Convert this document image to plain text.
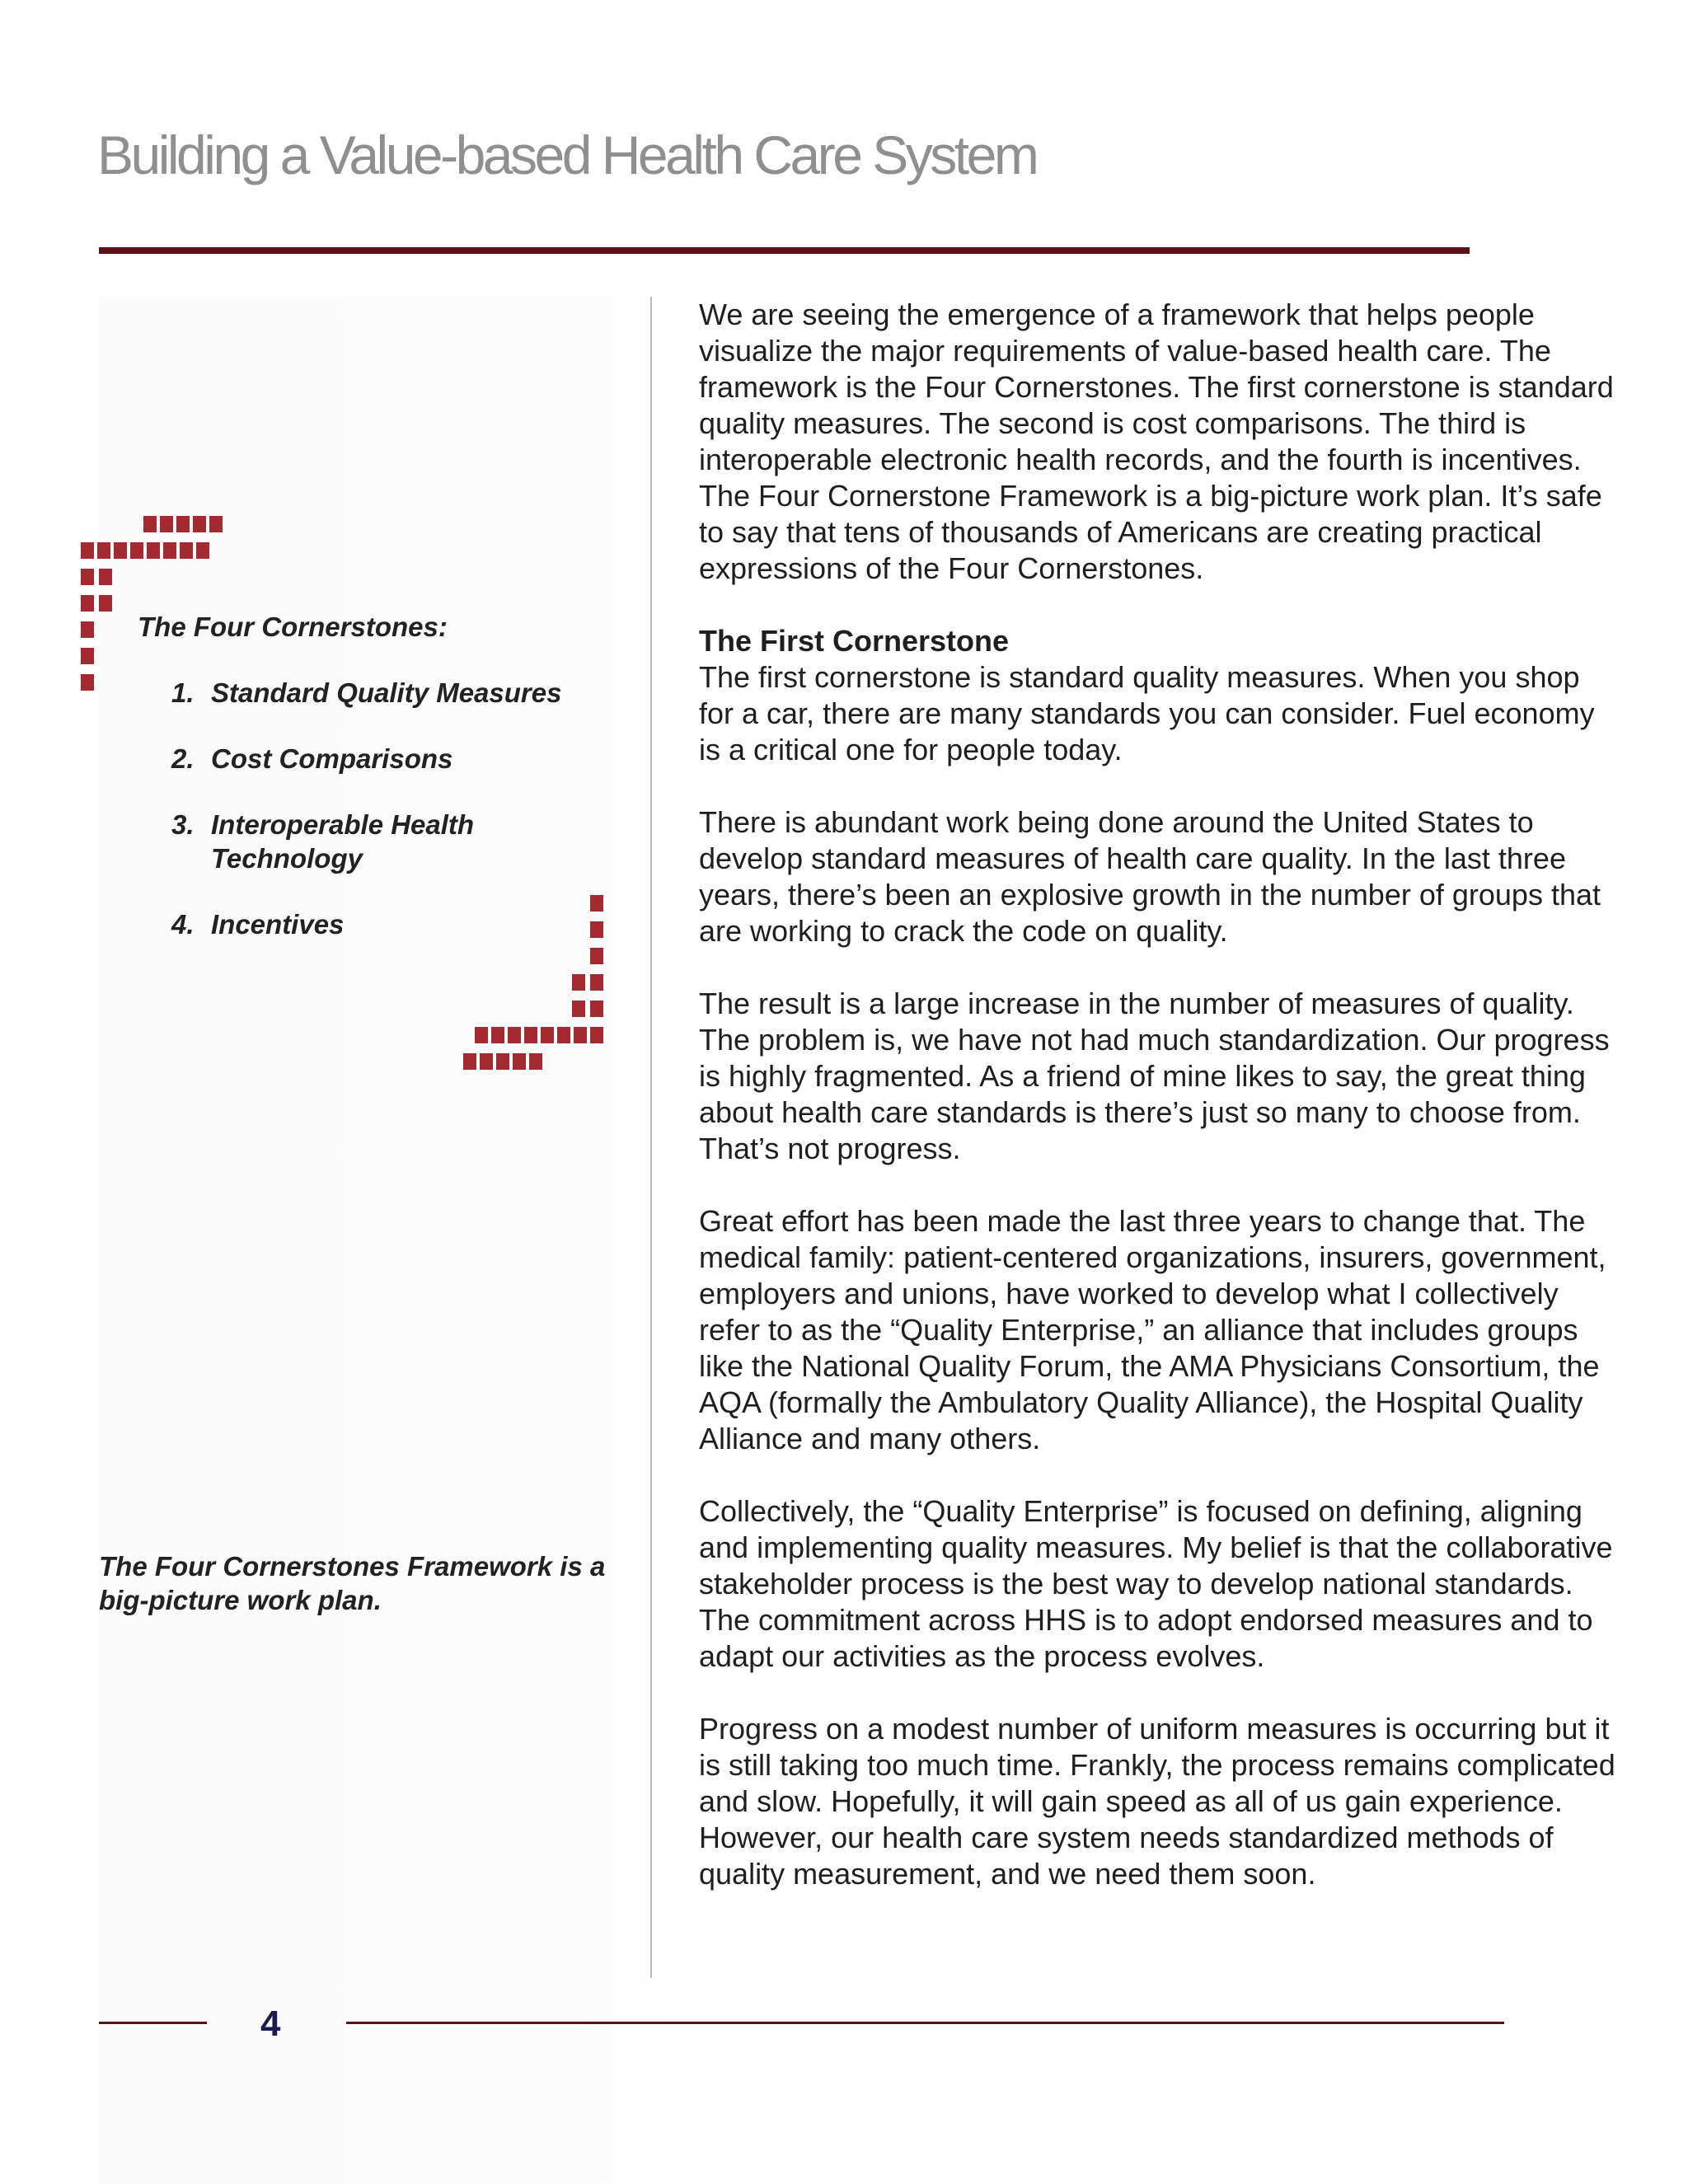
Building a Value-based Health Care System
The Four Cornerstones:
1. Standard Quality Measures
2. Cost Comparisons
3. Interoperable Health Technology
4. Incentives
The Four Cornerstones Framework is a big-picture work plan.

We are seeing the emergence of a framework that helps people visualize the major requirements of value-based health care. The framework is the Four Cornerstones. The first cornerstone is standard quality measures. The second is cost comparisons. The third is interoperable electronic health records, and the fourth is incentives. The Four Cornerstone Framework is a big-picture work plan. It’s safe to say that tens of thousands of Americans are creating practical expressions of the Four Cornerstones.

The First Cornerstone

The first cornerstone is standard quality measures. When you shop for a car, there are many standards you can consider. Fuel economy is a critical one for people today.

There is abundant work being done around the United States to develop standard measures of health care quality. In the last three years, there’s been an explosive growth in the number of groups that are working to crack the code on quality.

The result is a large increase in the number of measures of quality. The problem is, we have not had much standardization. Our progress is highly fragmented. As a friend of mine likes to say, the great thing about health care standards is there’s just so many to choose from. That’s not progress.

Great effort has been made the last three years to change that. The medical family: patient-centered organizations, insurers, government, employers and unions, have worked to develop what I collectively refer to as the “Quality Enterprise,” an alliance that includes groups like the National Quality Forum, the AMA Physicians Consortium, the AQA (formally the Ambulatory Quality Alliance), the Hospital Quality Alliance and many others.

Collectively, the “Quality Enterprise” is focused on defining, aligning and implementing quality measures. My belief is that the collaborative stakeholder process is the best way to develop national standards. The commitment across HHS is to adopt endorsed measures and to adapt our activities as the process evolves.

Progress on a modest number of uniform measures is occurring but it is still taking too much time. Frankly, the process remains complicated and slow. Hopefully, it will gain speed as all of us gain experience. However, our health care system needs standardized methods of quality measurement, and we need them soon.

4
